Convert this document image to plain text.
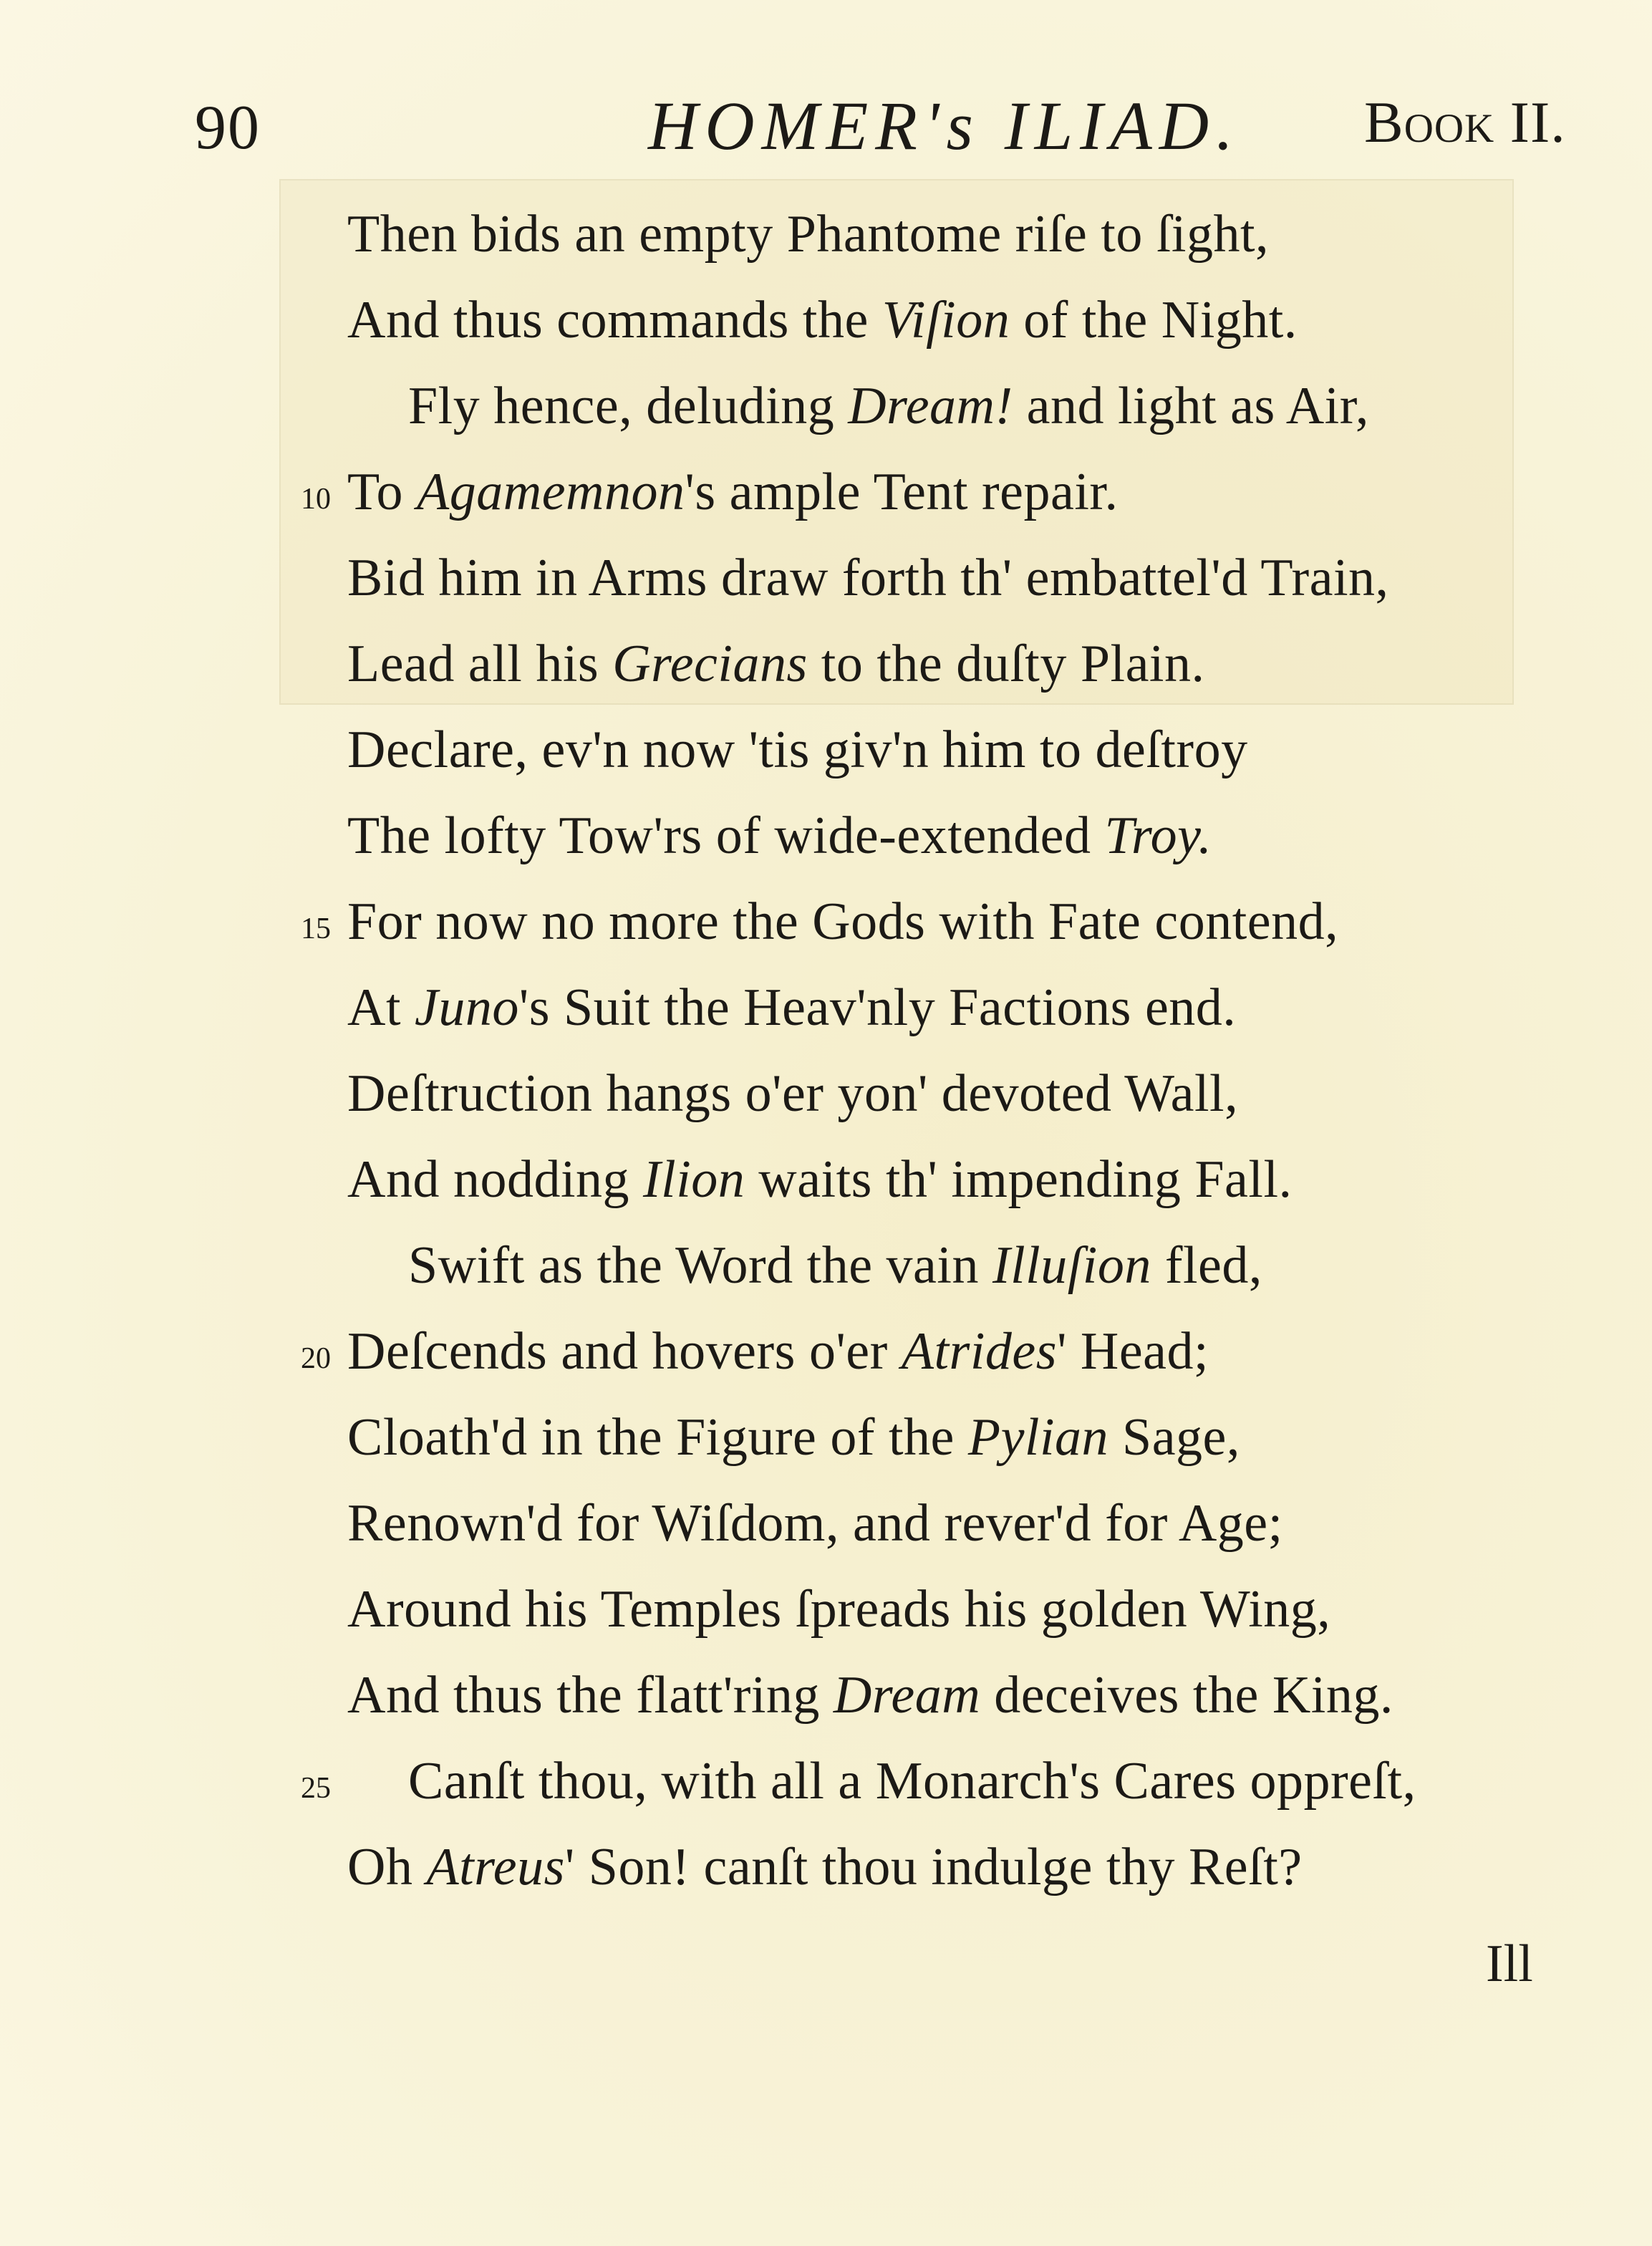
90	HOMER's ILIAD. Book II.
Then bids an empty Phantome riſe to ſight,
And thus commands the Viſion of the Night.
Fly hence, deluding Dream! and light as Air,
To Agamemnon's ample Tent repair.
10
Bid him in Arms draw forth th' embattel'd Train,
Lead all his Grecians to the duſty Plain.
Declare, ev'n now 'tis giv'n him to deſtroy
The lofty Tow'rs of wide-extended Troy.
For now no more the Gods with Fate contend,
15
At Juno's Suit the Heav'nly Factions end.
Deſtruction hangs o'er yon' devoted Wall,
And nodding Ilion waits th' impending Fall.
Swift as the Word the vain Illuſion fled,
Deſcends and hovers o'er Atrides' Head;
20
Cloath'd in the Figure of the Pylian Sage,
Renown'd for Wiſdom, and rever'd for Age;
Around his Temples ſpreads his golden Wing,
And thus the flatt'ring Dream deceives the King.
Canſt thou, with all a Monarch's Cares oppreſt,
25
Oh Atreus' Son! canſt thou indulge thy Reſt?
Ill
